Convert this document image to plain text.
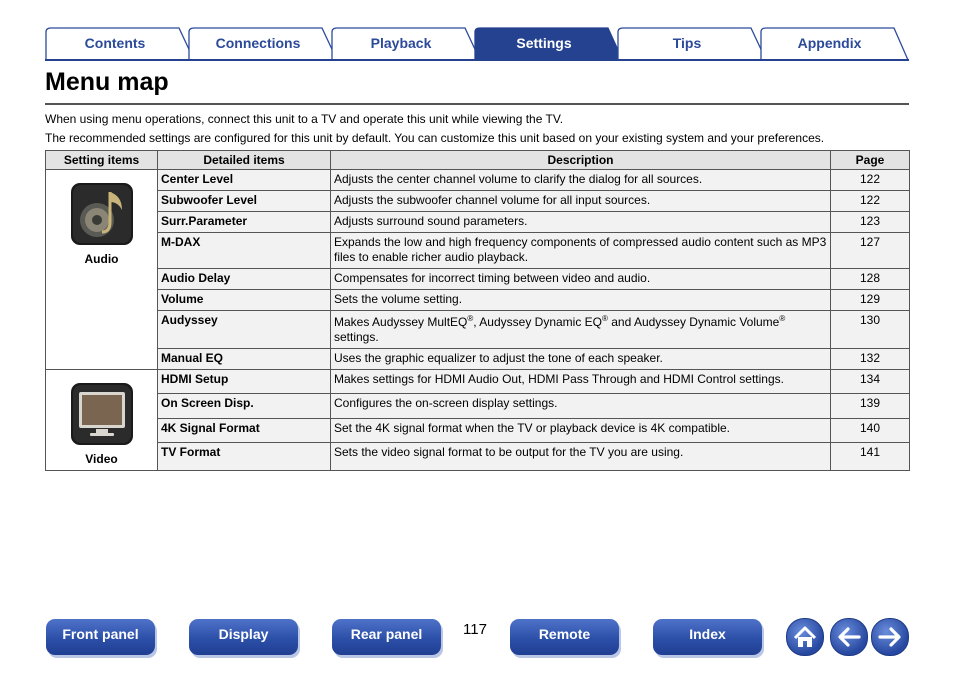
Contents	Connections	Playback	Settings	Tips	Appendix
Menu map
When using menu operations, connect this unit to a TV and operate this unit while viewing the TV.
The recommended settings are configured for this unit by default. You can customize this unit based on your existing system and your preferences.
Setting items	Detailed items	Description	Page

Audio	Center Level	Adjusts the center channel volume to clarify the dialog for all sources.	122
	Subwoofer Level	Adjusts the subwoofer channel volume for all input sources.	122
	Surr.Parameter	Adjusts surround sound parameters.	123
	M-DAX	Expands the low and high frequency components of compressed audio content such as MP3 files to enable richer audio playback.	127
	Audio Delay	Compensates for incorrect timing between video and audio.	128
	Volume	Sets the volume setting.	129
	Audyssey	Makes Audyssey MultEQ®, Audyssey Dynamic EQ® and Audyssey Dynamic Volume® settings.	130
	Manual EQ	Uses the graphic equalizer to adjust the tone of each speaker.	132

Video	HDMI Setup	Makes settings for HDMI Audio Out, HDMI Pass Through and HDMI Control settings.	134
	On Screen Disp.	Configures the on-screen display settings.	139
	4K Signal Format	Set the 4K signal format when the TV or playback device is 4K compatible.	140
	TV Format	Sets the video signal format to be output for the TV you are using.	141
Front panel	Display	Rear panel	117	Remote	Index
